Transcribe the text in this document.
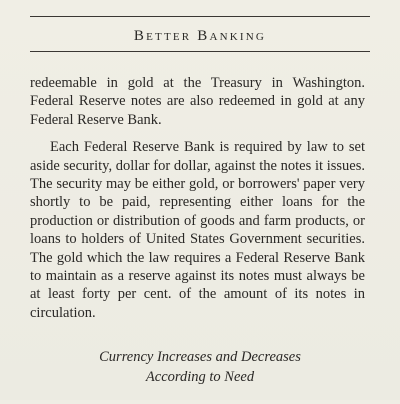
Better Banking

redeemable in gold at the Treasury in Washington. Federal Reserve notes are also redeemed in gold at any Federal Reserve Bank.

Each Federal Reserve Bank is required by law to set aside security, dollar for dollar, against the notes it issues. The security may be either gold, or borrowers' paper very shortly to be paid, representing either loans for the production or distribution of goods and farm products, or loans to holders of United States Government securities. The gold which the law requires a Federal Reserve Bank to maintain as a reserve against its notes must always be at least forty per cent. of the amount of its notes in circulation.

Currency Increases and Decreases
According to Need
